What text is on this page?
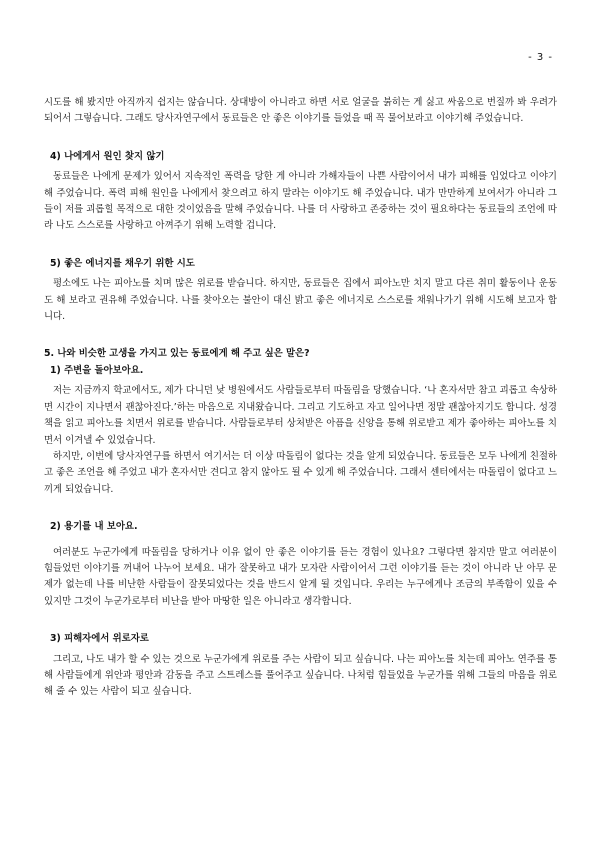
- 3 -

시도를 해 봤지만 아직까지 쉽지는 않습니다. 상대방이 아니라고 하면 서로 얼굴을 붉히는 게 싫고 싸움으로 번질까 봐 우려가 되어서 그렇습니다. 그래도 당사자연구에서 동료들은 안 좋은 이야기를 들었을 때 꼭 물어보라고 이야기해 주었습니다.

4) 나에게서 원인 찾지 않기

동료들은 나에게 문제가 있어서 지속적인 폭력을 당한 게 아니라 가해자들이 나쁜 사람이어서 내가 피해를 입었다고 이야기해 주었습니다. 폭력 피해 원인을 나에게서 찾으려고 하지 말라는 이야기도 해 주었습니다. 내가 만만하게 보여서가 아니라 그들이 저를 괴롭힐 목적으로 대한 것이었음을 말해 주었습니다. 나를 더 사랑하고 존중하는 것이 필요하다는 동료들의 조언에 따라 나도 스스로를 사랑하고 아껴주기 위해 노력할 겁니다.

5) 좋은 에너지를 채우기 위한 시도

평소에도 나는 피아노를 치며 많은 위로를 받습니다. 하지만, 동료들은 집에서 피아노만 치지 말고 다른 취미 활동이나 운동도 해 보라고 권유해 주었습니다. 나를 찾아오는 불안이 대신 밝고 좋은 에너지로 스스로를 채워나가기 위해 시도해 보고자 합니다.

5. 나와 비슷한 고생을 가지고 있는 동료에게 해 주고 싶은 말은?

1) 주변을 돌아보아요.

저는 지금까지 학교에서도, 제가 다니던 낮 병원에서도 사람들로부터 따돌림을 당했습니다. ‘나 혼자서만 참고 괴롭고 속상하면 시간이 지나면서 괜찮아진다.’하는 마음으로 지내왔습니다. 그리고 기도하고 자고 일어나면 정말 괜찮아지기도 합니다. 성경책을 읽고 피아노를 치면서 위로를 받습니다. 사람들로부터 상처받은 아픔을 신앙을 통해 위로받고 제가 좋아하는 피아노를 치면서 이겨낼 수 있었습니다.

하지만, 이번에 당사자연구를 하면서 여기서는 더 이상 따돌림이 없다는 것을 알게 되었습니다. 동료들은 모두 나에게 친절하고 좋은 조언을 해 주었고 내가 혼자서만 견디고 참지 않아도 될 수 있게 해 주었습니다. 그래서 센터에서는 따돌림이 없다고 느끼게 되었습니다.

2) 용기를 내 보아요.

여러분도 누군가에게 따돌림을 당하거나 이유 없이 안 좋은 이야기를 듣는 경험이 있나요? 그렇다면 참지만 말고 여러분이 힘들었던 이야기를 꺼내어 나누어 보세요. 내가 잘못하고 내가 모자란 사람이어서 그런 이야기를 듣는 것이 아니라 난 아무 문제가 없는데 나를 비난한 사람들이 잘못되었다는 것을 반드시 알게 될 것입니다. 우리는 누구에게나 조금의 부족함이 있을 수 있지만 그것이 누군가로부터 비난을 받아 마땅한 일은 아니라고 생각합니다.

3) 피해자에서 위로자로

그리고, 나도 내가 할 수 있는 것으로 누군가에게 위로를 주는 사람이 되고 싶습니다. 나는 피아노를 치는데 피아노 연주를 통해 사람들에게 위안과 평안과 감동을 주고 스트레스를 풀어주고 싶습니다. 나처럼 힘들었을 누군가를 위해 그들의 마음을 위로해 줄 수 있는 사람이 되고 싶습니다.
